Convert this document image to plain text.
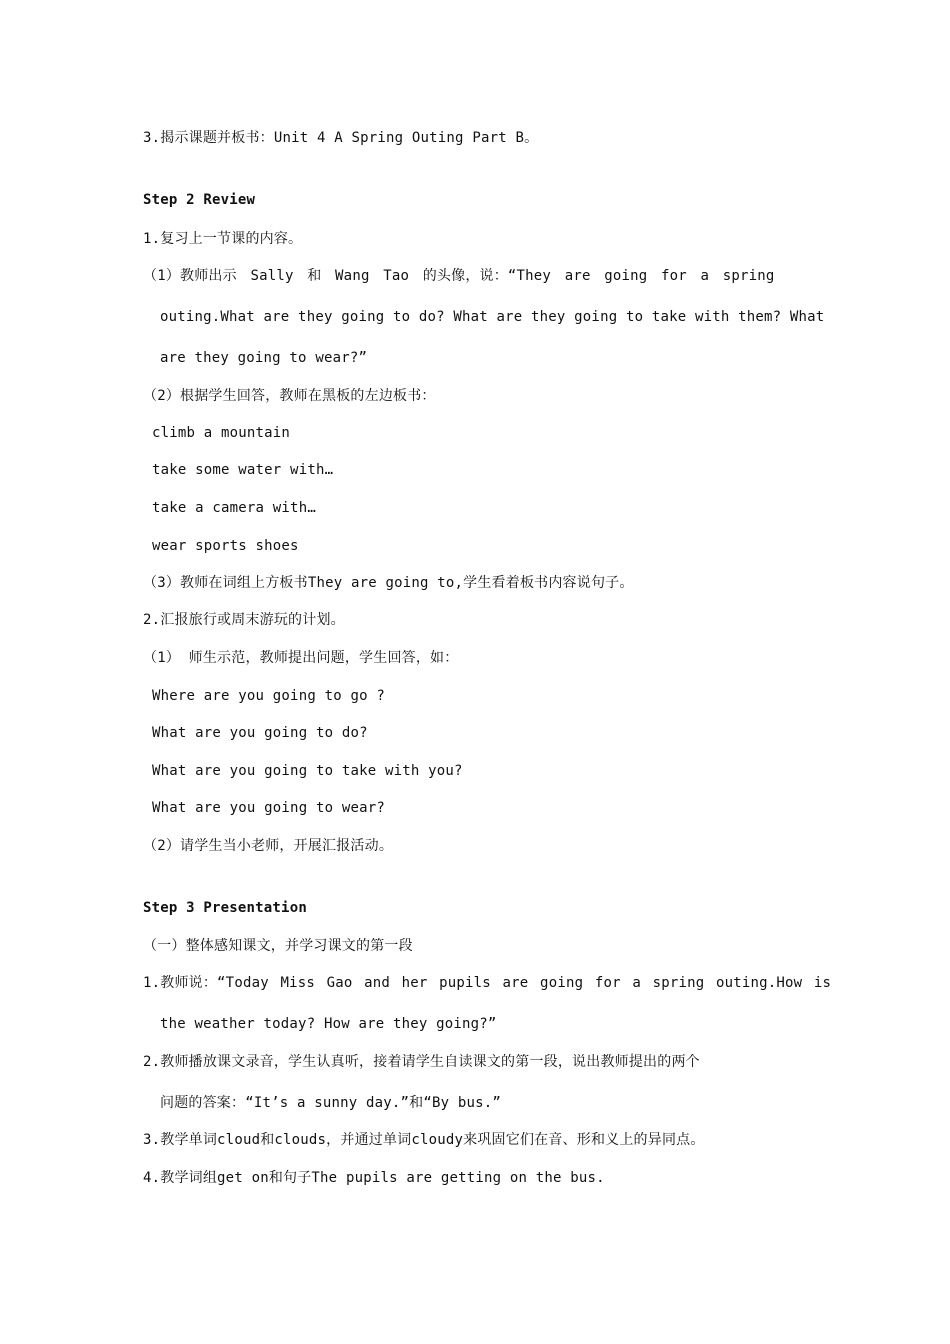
3.揭示课题并板书：Unit 4 A Spring Outing Part B。
Step 2 Review
1.复习上一节课的内容。
（1）教师出示 Sally 和 Wang Tao 的头像，说：“They are going for a spring
outing.What are they going to do? What are they going to take with them? What
are they going to wear?”
（2）根据学生回答，教师在黑板的左边板书：
climb a mountain
take some water with…
take a camera with…
wear sports shoes
（3）教师在词组上方板书They are going to,学生看着板书内容说句子。
2.汇报旅行或周末游玩的计划。
（1） 师生示范，教师提出问题，学生回答，如：
Where are you going to go ?
What are you going to do?
What are you going to take with you?
What are you going to wear?
（2）请学生当小老师，开展汇报活动。
Step 3 Presentation
（一）整体感知课文，并学习课文的第一段
1.教师说：“Today Miss Gao and her pupils are going for a spring outing.How is
the weather today? How are they going?”
2.教师播放课文录音，学生认真听，接着请学生自读课文的第一段，说出教师提出的两个
问题的答案：“It’s a sunny day.”和“By bus.”
3.教学单词cloud和clouds，并通过单词cloudy来巩固它们在音、形和义上的异同点。
4.教学词组get on和句子The pupils are getting on the bus.
